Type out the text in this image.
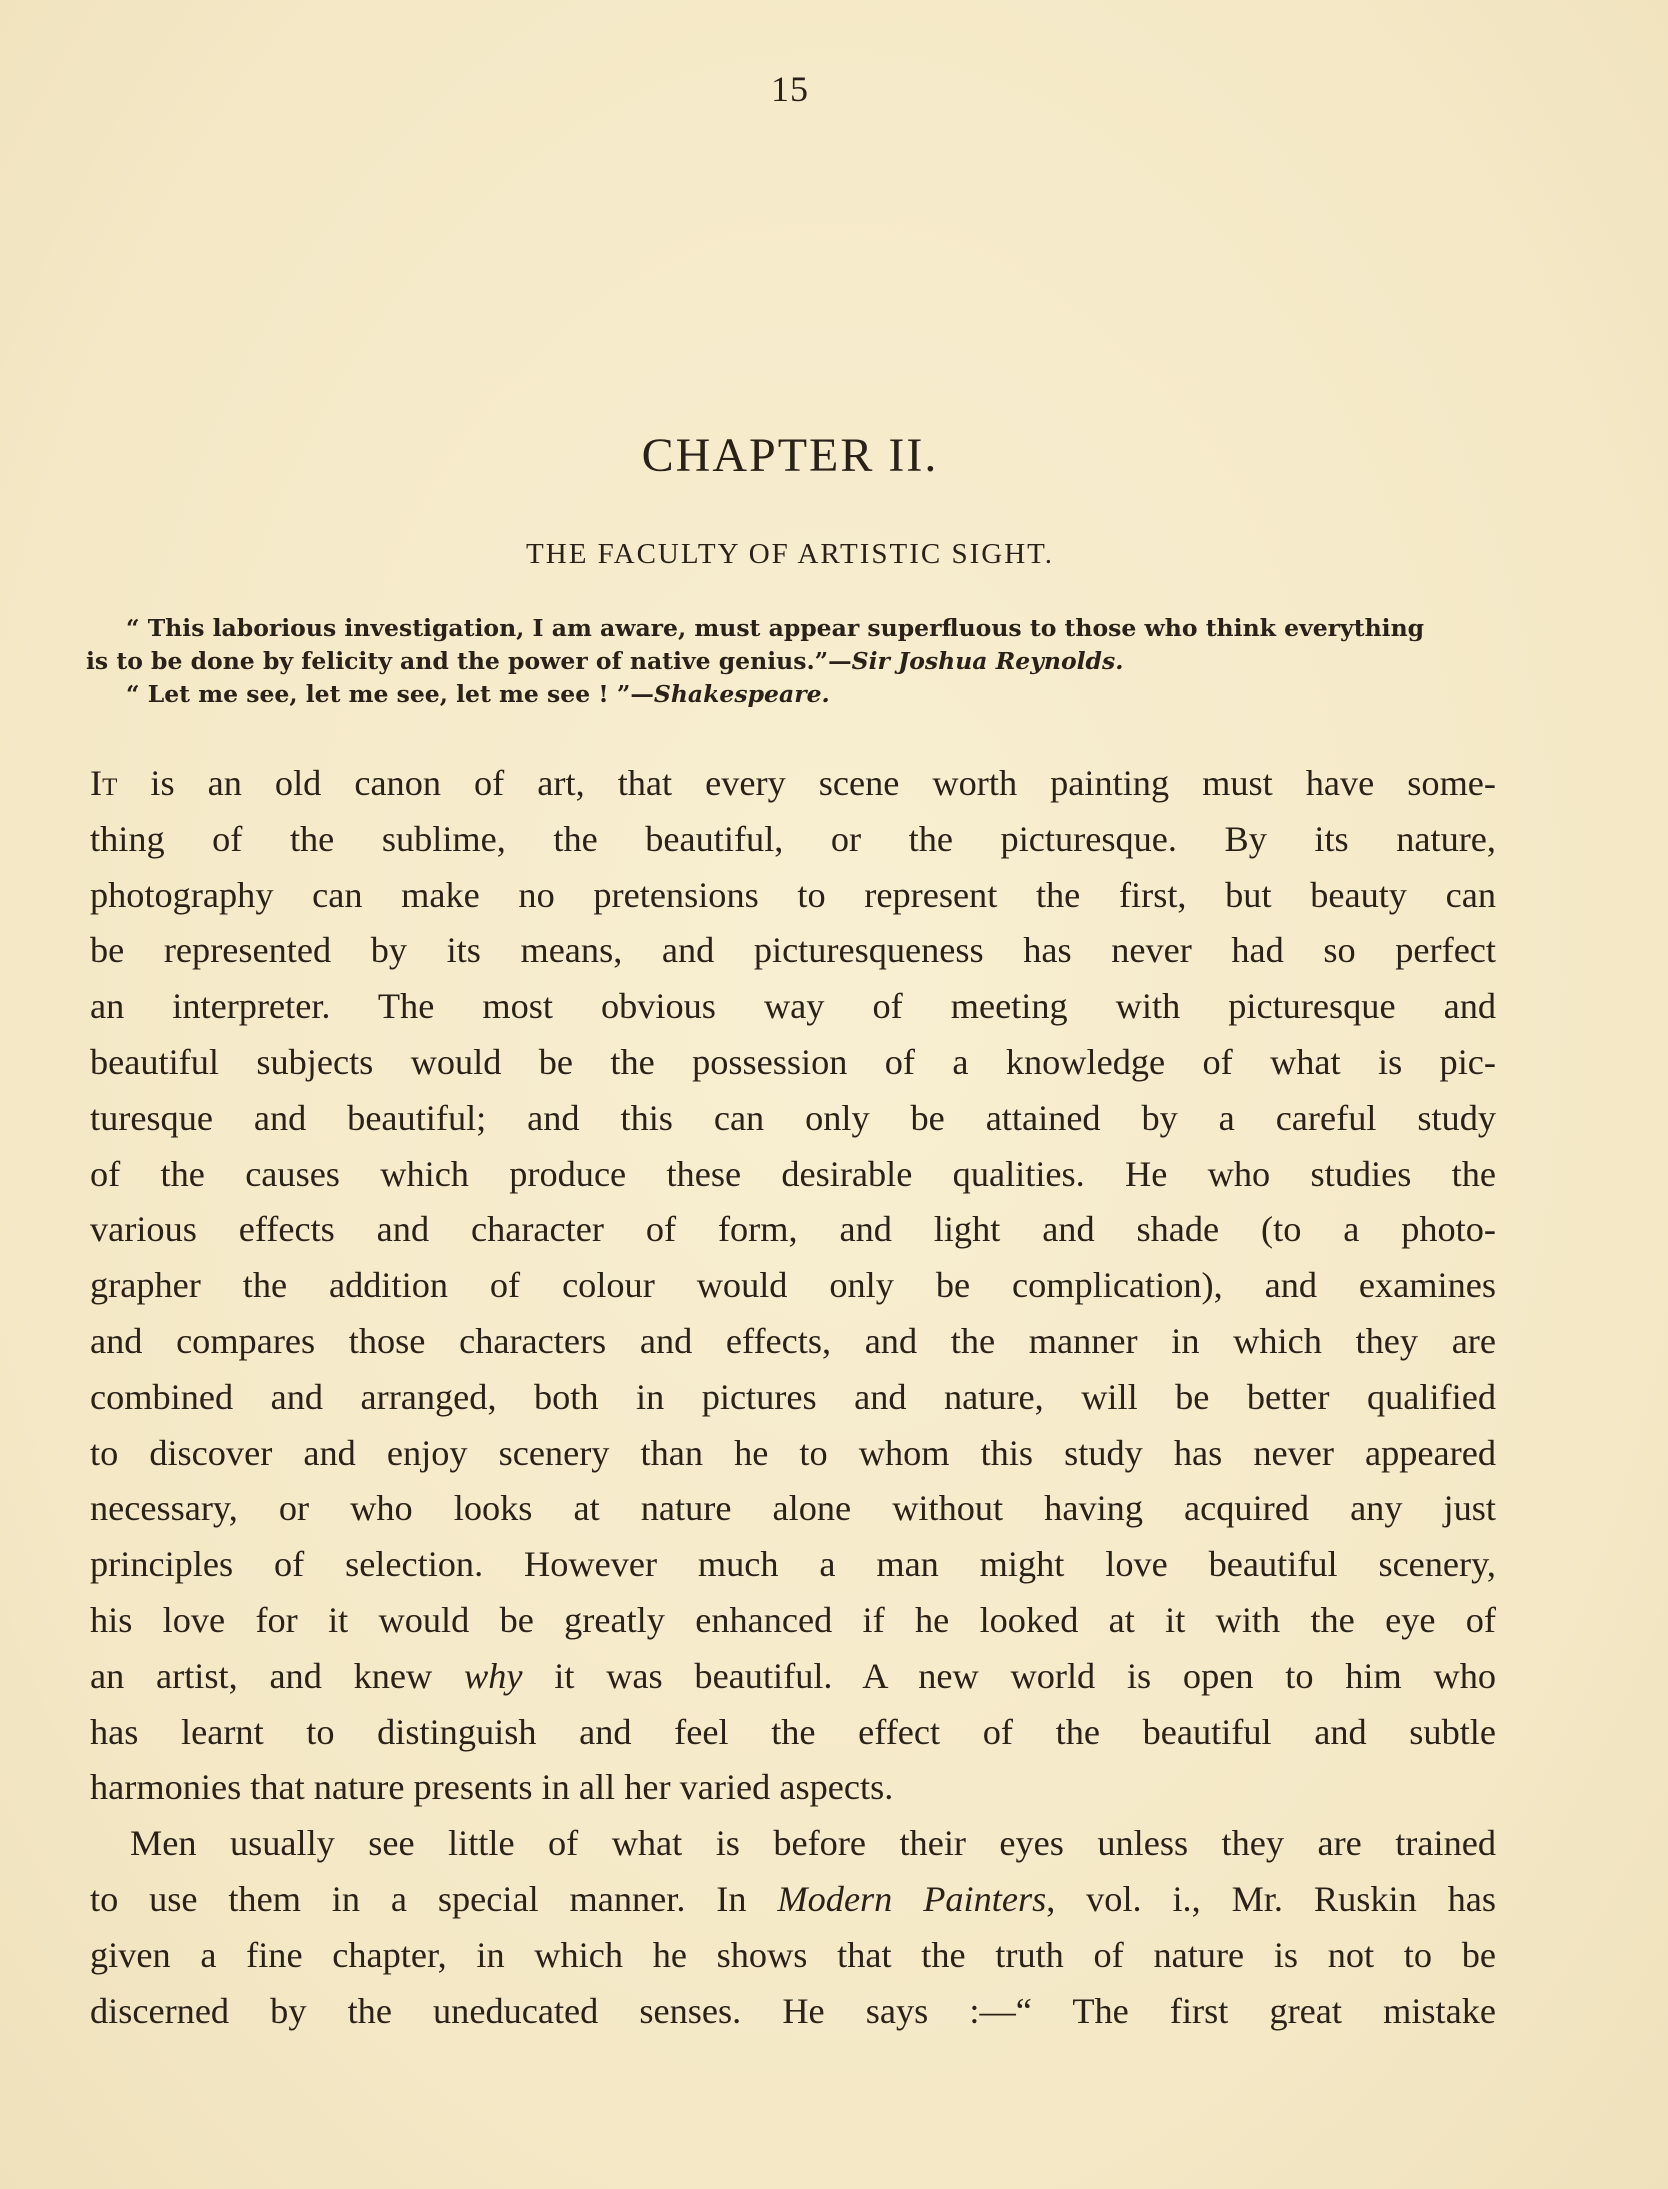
15
CHAPTER II.
THE FACULTY OF ARTISTIC SIGHT.

“ This laborious investigation, I am aware, must appear superfluous to those who think everything
is to be done by felicity and the power of native genius.”—Sir Joshua Reynolds.

“ Let me see, let me see, let me see ! ”—Shakespeare.

It is an old canon of art, that every scene worth painting must have some-
thing of the sublime, the beautiful, or the picturesque. By its nature,
photography can make no pretensions to represent the first, but beauty can
be represented by its means, and picturesqueness has never had so perfect
an interpreter. The most obvious way of meeting with picturesque and
beautiful subjects would be the possession of a knowledge of what is pic-
turesque and beautiful; and this can only be attained by a careful study
of the causes which produce these desirable qualities. He who studies the
various effects and character of form, and light and shade (to a photo-
grapher the addition of colour would only be complication), and examines
and compares those characters and effects, and the manner in which they are
combined and arranged, both in pictures and nature, will be better qualified
to discover and enjoy scenery than he to whom this study has never appeared
necessary, or who looks at nature alone without having acquired any just
principles of selection. However much a man might love beautiful scenery,
his love for it would be greatly enhanced if he looked at it with the eye of
an artist, and knew why it was beautiful. A new world is open to him who
has learnt to distinguish and feel the effect of the beautiful and subtle
harmonies that nature presents in all her varied aspects.
Men usually see little of what is before their eyes unless they are trained
to use them in a special manner. In Modern Painters, vol. i., Mr. Ruskin has
given a fine chapter, in which he shows that the truth of nature is not to be
discerned by the uneducated senses. He says :—“ The first great mistake
